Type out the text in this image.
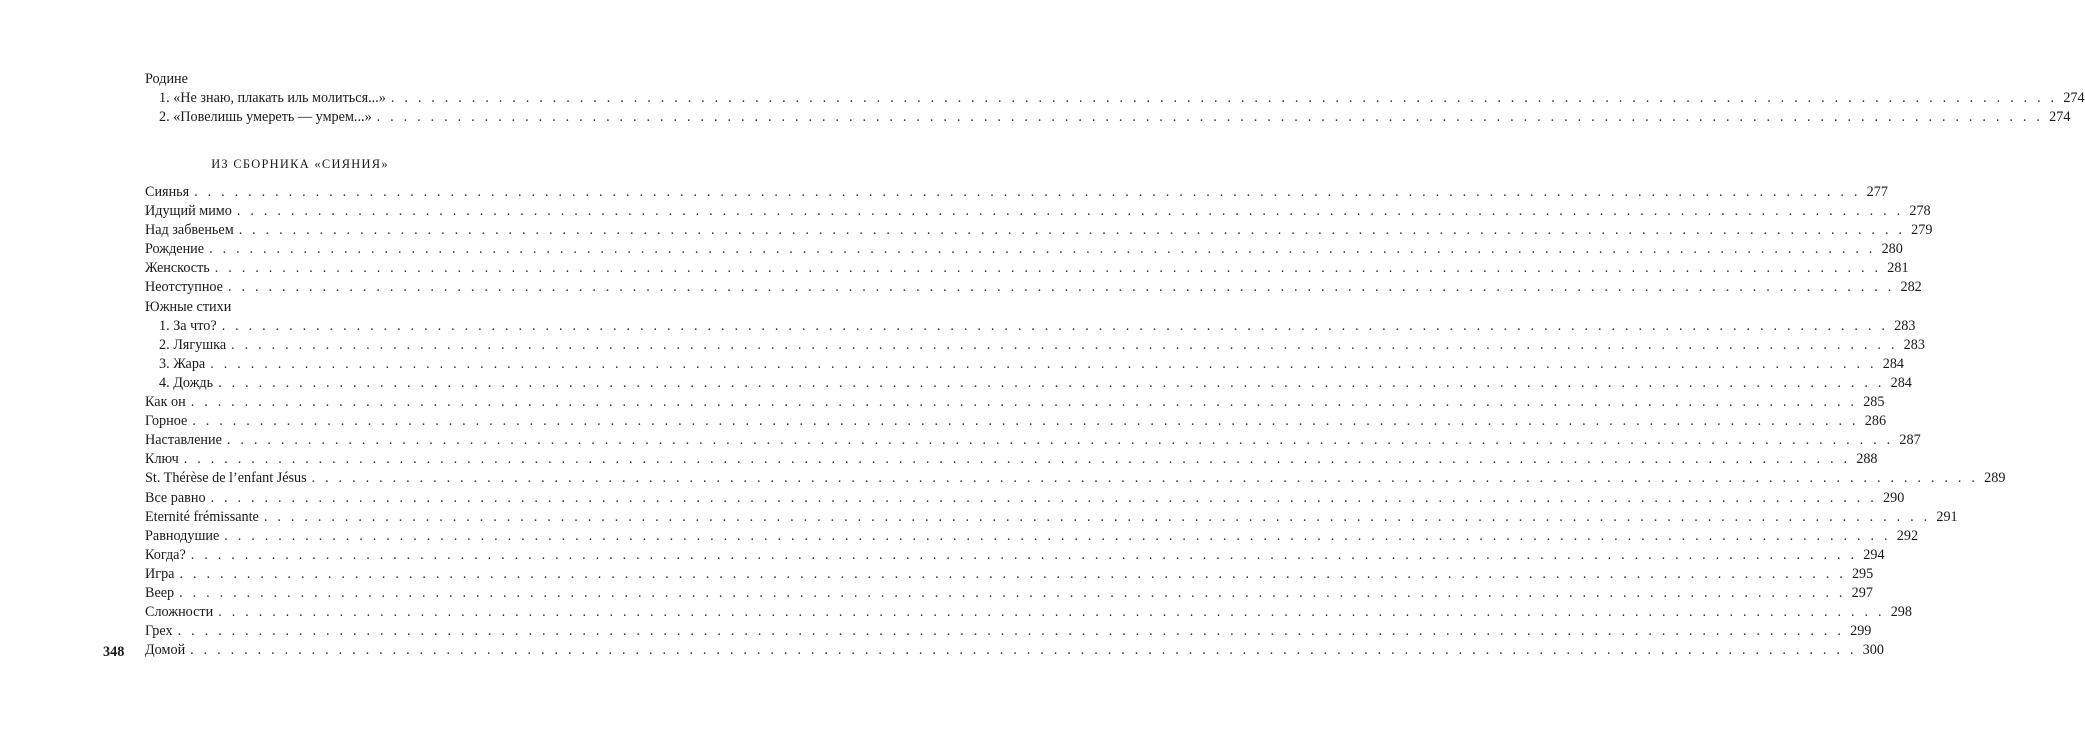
Родине
1. «Не знаю, плакать иль молиться...» . . .	274
2. «Повелишь умереть — умрем...» . . .	274
ИЗ СБОРНИКА «СИЯНИЯ»
Сиянья . . .	277
Идущий мимо . . .	278
Над забвеньем . . .	279
Рождение . . .	280
Женскость . . .	281
Неотступное . . .	282
Южные стихи
1. За что? . . .	283
2. Лягушка . . .	283
3. Жара . . .	284
4. Дождь . . .	284
Как он . . .	285
Горное . . .	286
Наставление . . .	287
Ключ . . .	288
St. Thérèse de l’enfant Jésus . . .	289
Все равно . . .	290
Eternité frémissante . . .	291
Равнодушие . . .	292
Когда? . . .	294
Игра . . .	295
Веер . . .	297
Сложности . . .	298
Грех . . .	299
Домой . . .	300
348
